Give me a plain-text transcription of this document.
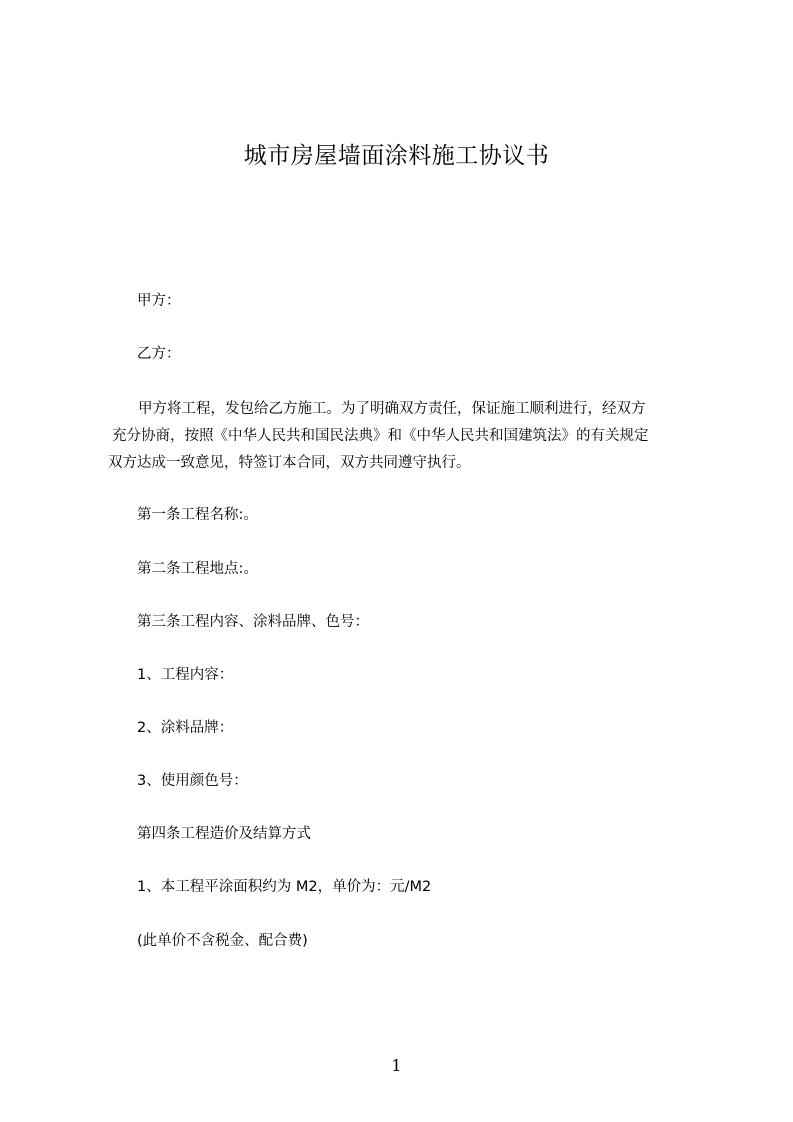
城市房屋墙面涂料施工协议书
甲方：
乙方：
甲方将工程，发包给乙方施工。为了明确双方责任，保证施工顺利进行，经双方
充分协商，按照《中华人民共和国民法典》和《中华人民共和国建筑法》的有关规定
双方达成一致意见，特签订本合同，双方共同遵守执行。
第一条工程名称:。
第二条工程地点:。
第三条工程内容、涂料品牌、色号：
1、工程内容：
2、涂料品牌：
3、使用颜色号：
第四条工程造价及结算方式
1、本工程平涂面积约为 M2，单价为：元/M2
(此单价不含税金、配合费)
1
